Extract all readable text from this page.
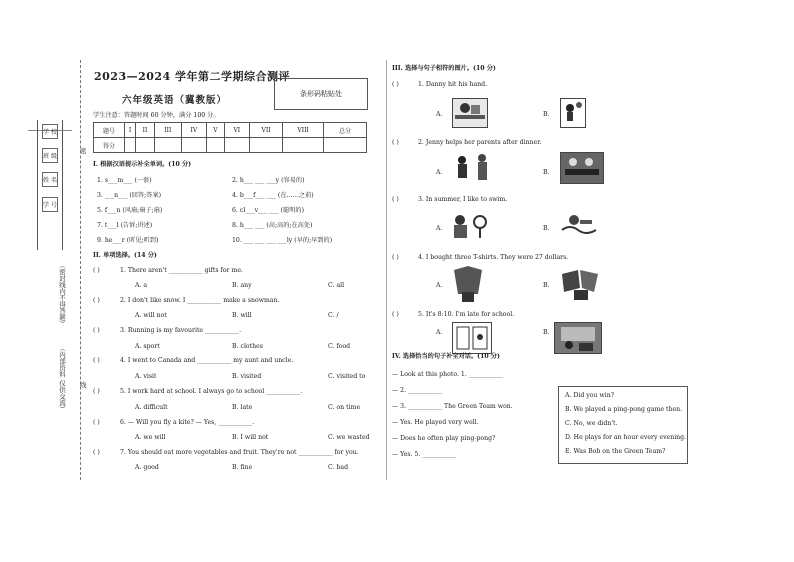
学 校
班 级
姓 名
学 号
（密封线内不得答题）
（内部资料 仅供交流）
密
线
2023—2024 学年第二学期综合测评
六年级英语（冀教版）
条形码粘贴处
学生注意：答题时间 60 分钟，满分 100 分。
题号	I	II	III	IV	V	VI	VII	VIII	总分
得分									
I. 根据汉语提示补全单词。(10 分)
1. s___m___ (一套)	2. h___ ___ ___y (容易的)
3. ___n___ (回答;答案)	4. b___f___ ___ (在……之前)
5. f___n (风扇;扇子;扇)	6. cl___v___ ___ (聪明的)
7. t___l (告诉;讲述)	8. h___ ___ (高;高的;在高处)
9. he___r (听见;听到)	10. ___ ___ ___ ___ly (早的;早到的)
II. 单项选择。(14 分)
( )	1. There aren't ___________ gifts for me.
A. a	B. any	C. all
( )	2. I don't like snow. I ___________ make a snowman.
A. will not	B. will	C. /
( )	3. Running is my favourite ___________.
A. sport	B. clothes	C. food
( )	4. I went to Canada and ___________ my aunt and uncle.
A. visit	B. visited	C. visited to
( )	5. I work hard at school. I always go to school ___________.
A. difficult	B. late	C. on time
( )	6. — Will you fly a kite? — Yes, ___________.
A. we will	B. I will not	C. we wasted
( )	7. You should eat more vegetables and fruit. They're not ___________ for you.
A. good	B. fine	C. bad
III. 选择与句子相符的图片。(10 分)
( )	1. Danny hit his hand.
A.	B.
( )	2. Jenny helps her parents after dinner.
A.	B.
( )	3. In summer, I like to swim.
A.	B.
( )	4. I bought three T-shirts. They were 27 dollars.
A.	B.
( )	5. It's 8:10. I'm late for school.
A.	B.
IV. 选择恰当的句子补全对话。(10 分)
— Look at this photo. 1. ___________
— 2. ___________
— 3. ___________ The Green Team won.
— Yes. He played very well.
— Does he often play ping-pong?
— Yes. 5. ___________
A. Did you win?
B. We played a ping-pong game then.
C. No, we didn't.
D. He plays for an hour every evening.
E. Was Bob on the Green Team?
